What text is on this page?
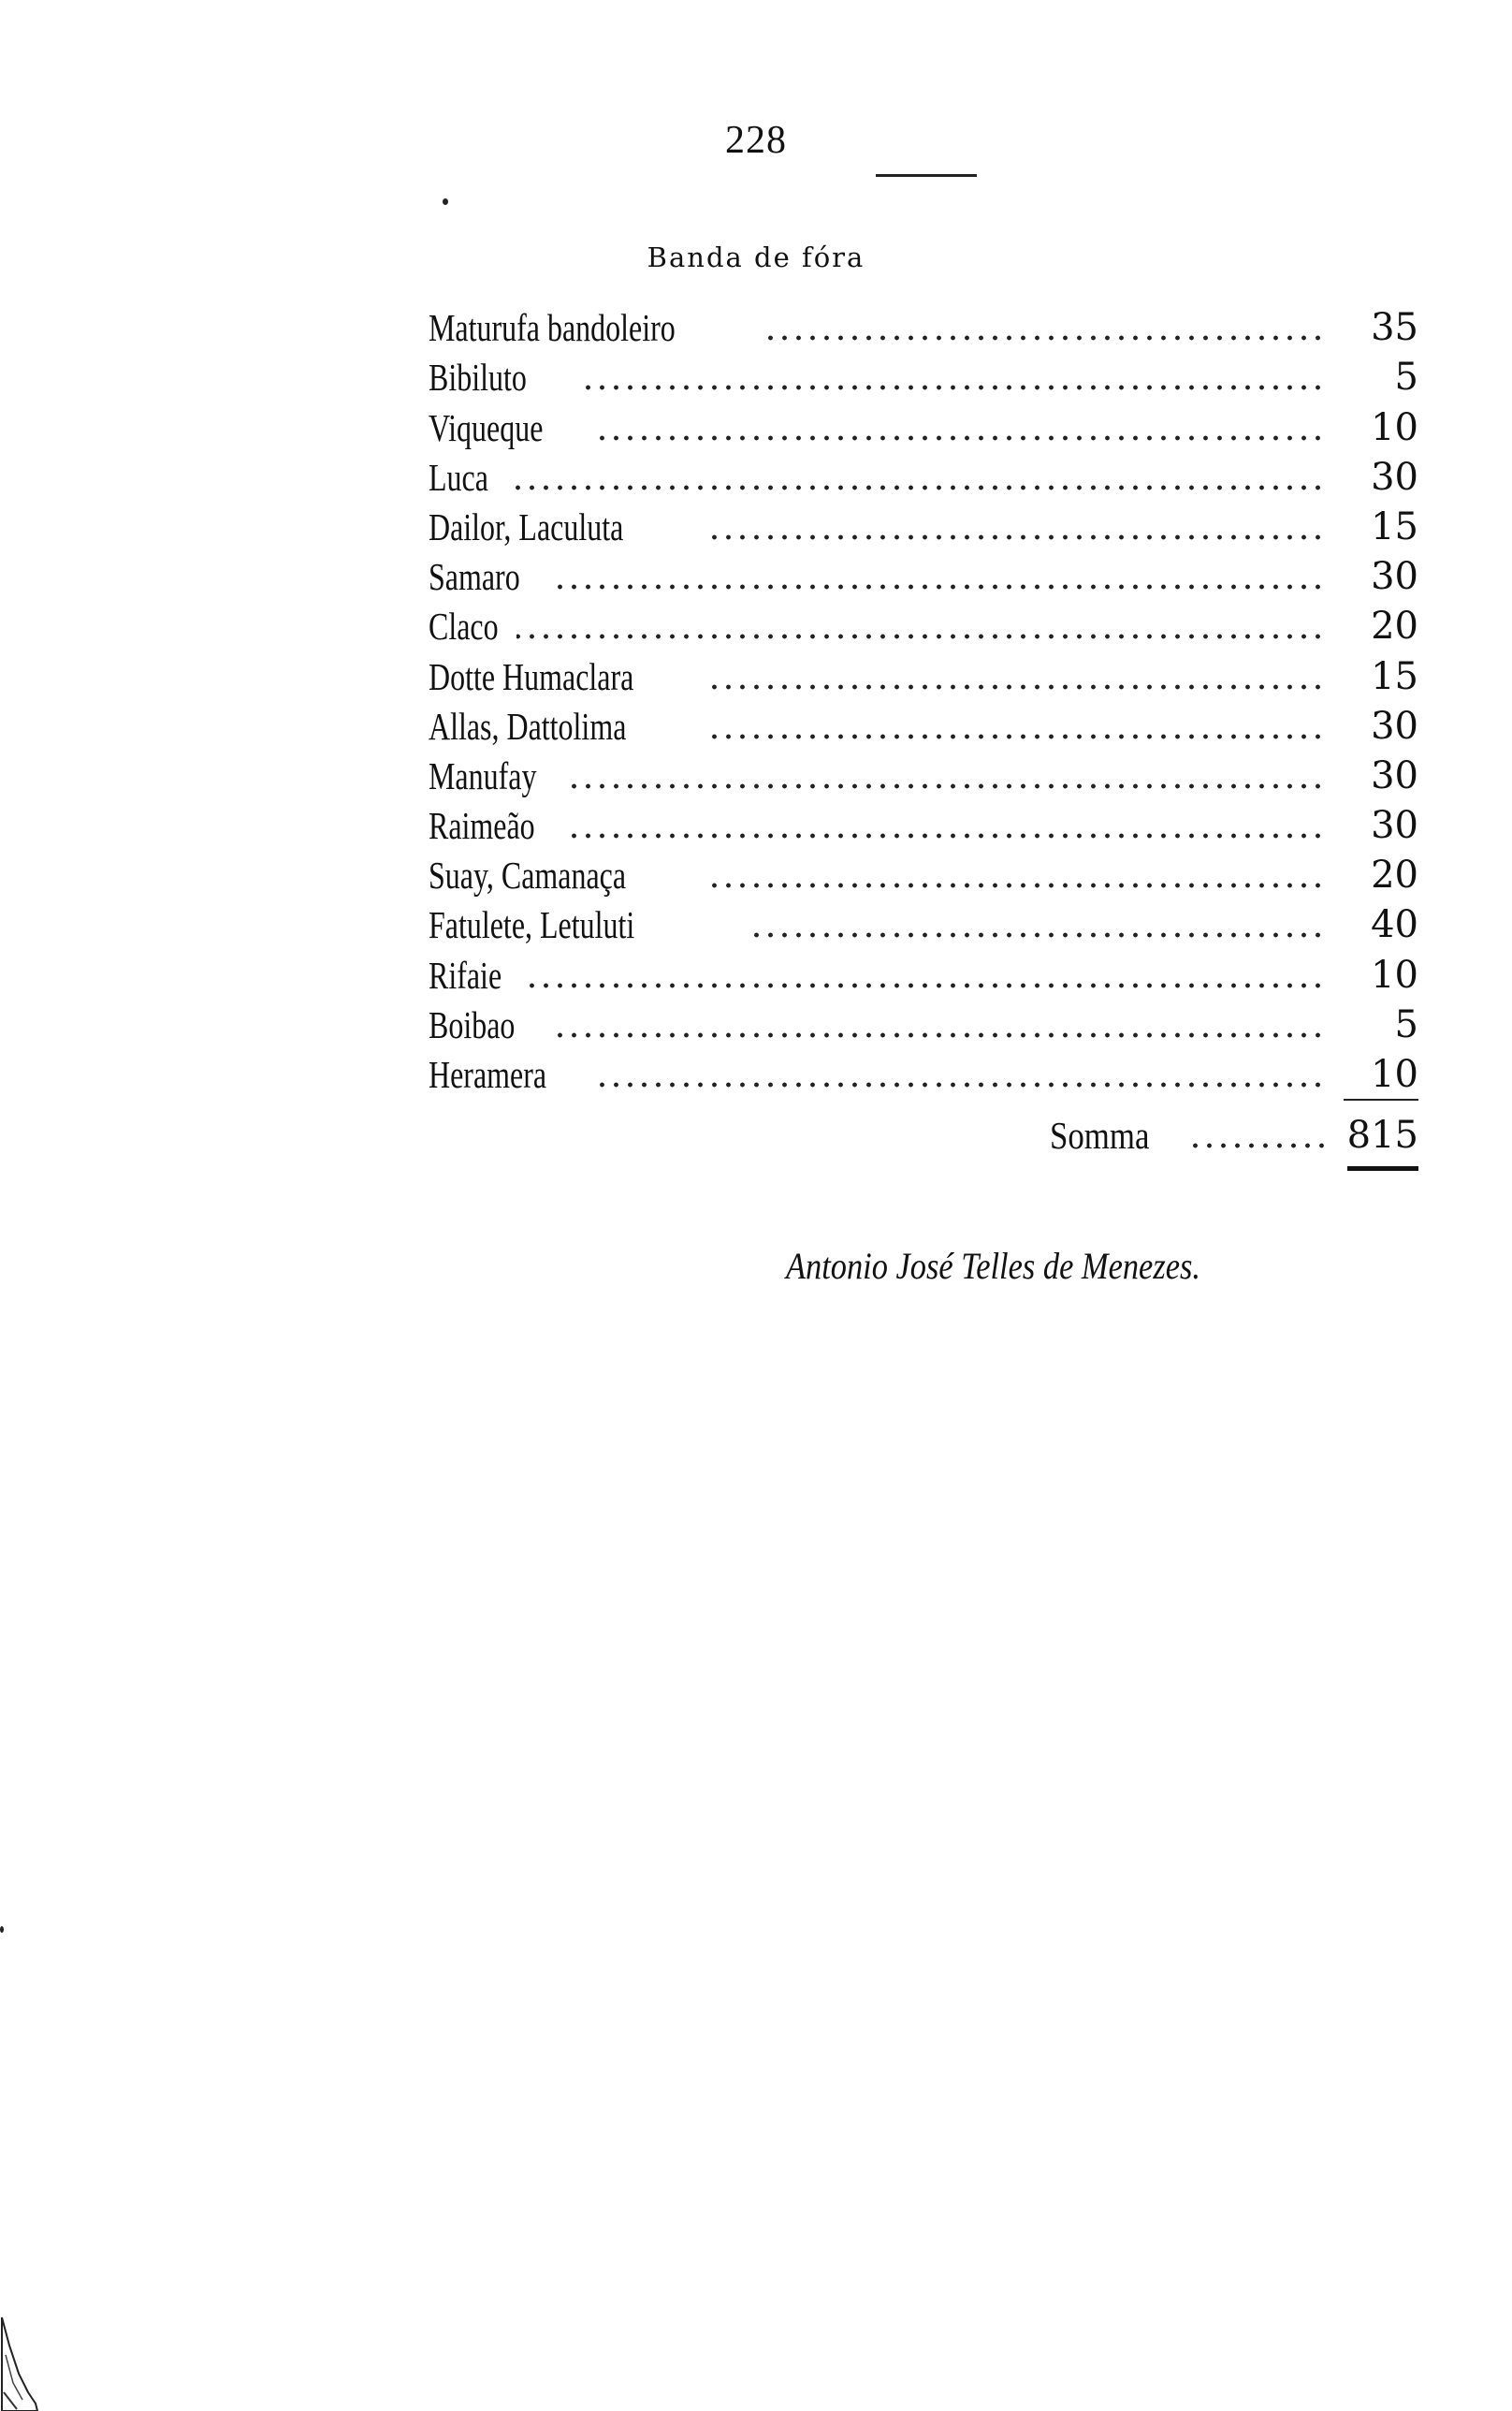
228
Banda de fóra
35
5
10
30
15
30
20
15
30
30
30
20
40
10
5
10
Somma	815
Antonio José Telles de Menezes.
